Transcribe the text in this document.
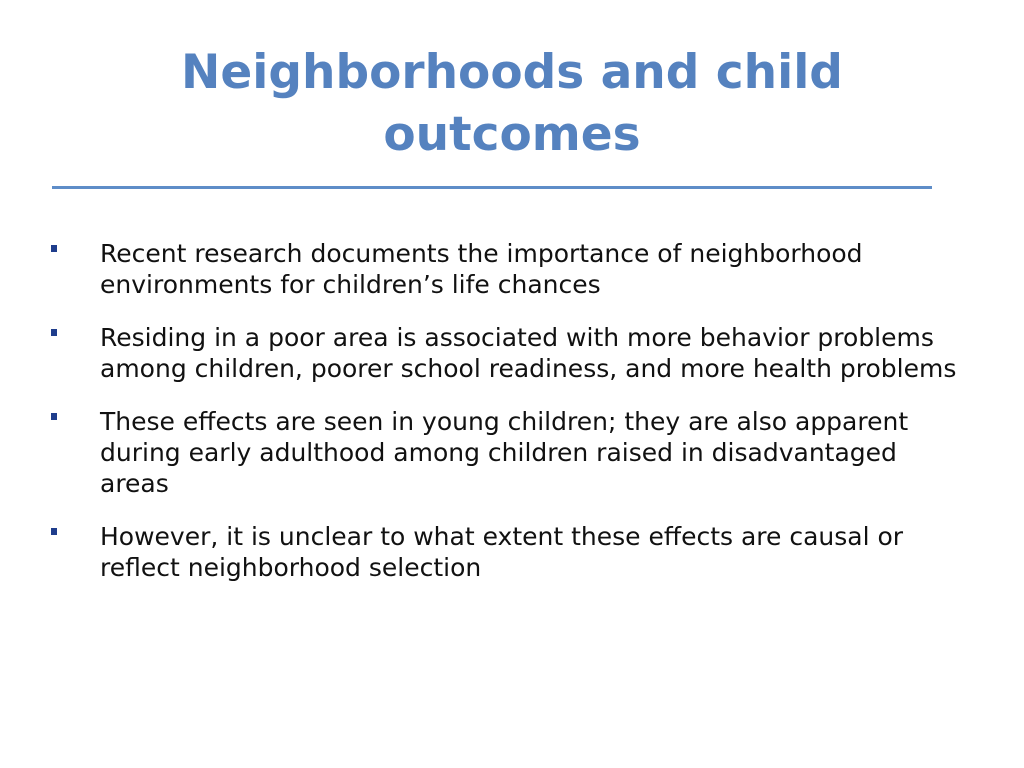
Neighborhoods and child outcomes
Recent research documents the importance of neighborhood environments for children’s life chances
Residing in a poor area is associated with more behavior problems among children, poorer school readiness, and more health problems
These effects are seen in young children; they are also apparent during early adulthood among children raised in disadvantaged areas
However, it is unclear to what extent these effects are causal or reflect neighborhood selection
